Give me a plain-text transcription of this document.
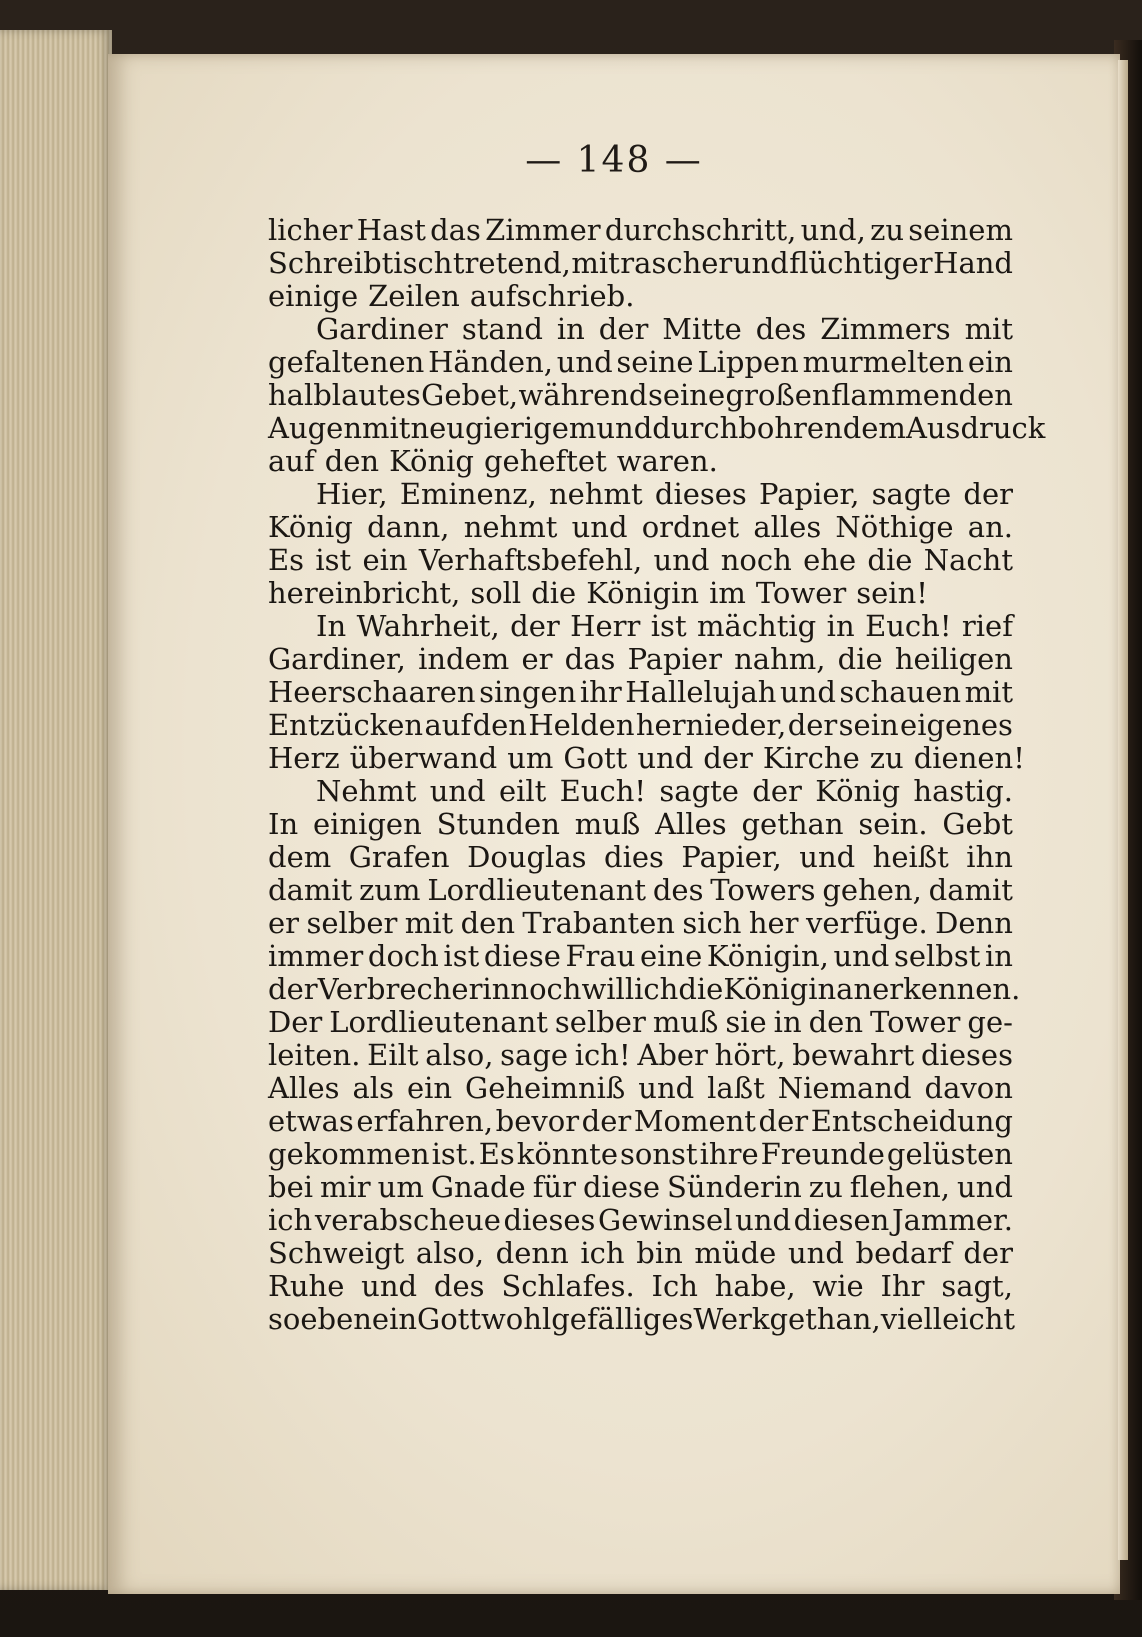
— 148 —
licher Hast das Zimmer durchschritt, und, zu seinem
Schreibtisch tretend, mit rascher und flüchtiger Hand
einige Zeilen aufschrieb.
Gardiner stand in der Mitte des Zimmers mit
gefaltenen Händen, und seine Lippen murmelten ein
halblautes Gebet, während seine großen flammenden
Augen mit neugierigem und durchbohrendem Ausdruck
auf den König geheftet waren.
Hier, Eminenz, nehmt dieses Papier, sagte der
König dann, nehmt und ordnet alles Nöthige an.
Es ist ein Verhaftsbefehl, und noch ehe die Nacht
hereinbricht, soll die Königin im Tower sein!
In Wahrheit, der Herr ist mächtig in Euch! rief
Gardiner, indem er das Papier nahm, die heiligen
Heerschaaren singen ihr Hallelujah und schauen mit
Entzücken auf den Helden hernieder, der sein eigenes
Herz überwand um Gott und der Kirche zu dienen!
Nehmt und eilt Euch! sagte der König hastig.
In einigen Stunden muß Alles gethan sein. Gebt
dem Grafen Douglas dies Papier, und heißt ihn
damit zum Lordlieutenant des Towers gehen, damit
er selber mit den Trabanten sich her verfüge. Denn
immer doch ist diese Frau eine Königin, und selbst in
der Verbrecherin noch will ich die Königin anerkennen.
Der Lordlieutenant selber muß sie in den Tower ge-
leiten. Eilt also, sage ich! Aber hört, bewahrt dieses
Alles als ein Geheimniß und laßt Niemand davon
etwas erfahren, bevor der Moment der Entscheidung
gekommen ist. Es könnte sonst ihre Freunde gelüsten
bei mir um Gnade für diese Sünderin zu flehen, und
ich verabscheue dieses Gewinsel und diesen Jammer.
Schweigt also, denn ich bin müde und bedarf der
Ruhe und des Schlafes. Ich habe, wie Ihr sagt,
so eben ein Gott wohlgefälliges Werk gethan, vielleicht
